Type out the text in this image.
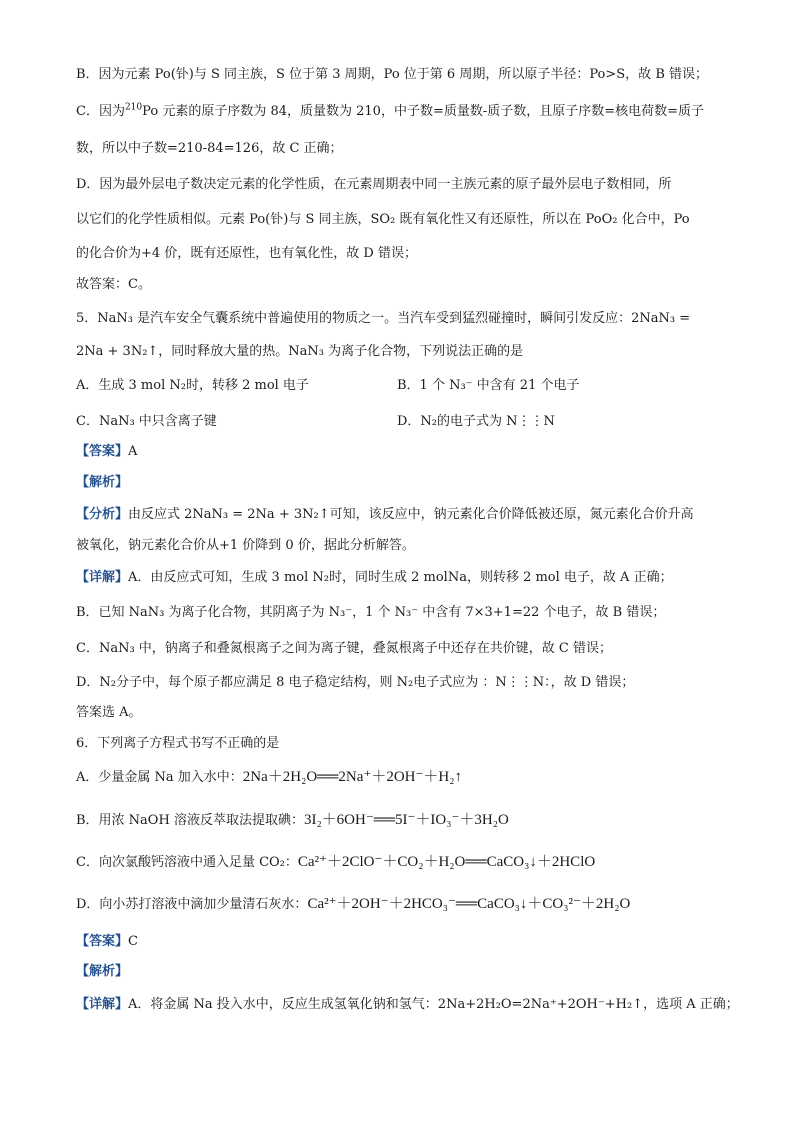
B．因为元素 Po(钋)与 S 同主族，S 位于第 3 周期，Po 位于第 6 周期，所以原子半径：Po>S，故 B 错误；
C．因为$^{210}$Po 元素的原子序数为 84，质量数为 210，中子数=质量数-质子数，且原子序数=核电荷数=质子
数，所以中子数=210-84=126，故 C 正确；
D．因为最外层电子数决定元素的化学性质，在元素周期表中同一主族元素的原子最外层电子数相同，所
以它们的化学性质相似。元素 Po(钋)与 S 同主族，SO₂ 既有氧化性又有还原性，所以在 PoO₂ 化合中，Po
的化合价为+4 价，既有还原性，也有氧化性，故 D 错误；
故答案：C。
5．NaN₃ 是汽车安全气囊系统中普遍使用的物质之一。当汽车受到猛烈碰撞时，瞬间引发反应：2NaN₃ =
2Na + 3N₂↑，同时释放大量的热。NaN₃ 为离子化合物，下列说法正确的是
A．生成 3 mol N₂时，转移 2 mol 电子	B．1 个 N₃⁻ 中含有 21 个电子
C．NaN₃ 中只含离子键	D．N₂的电子式为 N⋮⋮N
【答案】A
【解析】
【分析】由反应式 2NaN₃ = 2Na + 3N₂↑可知，该反应中，钠元素化合价降低被还原，氮元素化合价升高
被氧化，钠元素化合价从+1 价降到 0 价，据此分析解答。
【详解】A．由反应式可知，生成 3 mol N₂时，同时生成 2 molNa，则转移 2 mol 电子，故 A 正确；
B．已知 NaN₃ 为离子化合物，其阴离子为 N₃⁻，1 个 N₃⁻ 中含有 7×3+1=22 个电子，故 B 错误；
C．NaN₃ 中，钠离子和叠氮根离子之间为离子键，叠氮根离子中还存在共价键，故 C 错误；
D．N₂分子中，每个原子都应满足 8 电子稳定结构，则 N₂电子式应为 ：N⋮⋮N：，故 D 错误；
答案选 A。
6．下列离子方程式书写不正确的是
A．少量金属 Na 加入水中：2Na＋2H₂O══2Na⁺＋2OH⁻＋H₂↑
B．用浓 NaOH 溶液反萃取法提取碘：3I₂＋6OH⁻══5I⁻＋IO₃⁻＋3H₂O
C．向次氯酸钙溶液中通入足量 CO₂：Ca²⁺＋2ClO⁻＋CO₂＋H₂O══CaCO₃↓＋2HClO
D．向小苏打溶液中滴加少量清石灰水：Ca²⁺＋2OH⁻＋2HCO₃⁻══CaCO₃↓＋CO₃²⁻＋2H₂O
【答案】C
【解析】
【详解】A．将金属 Na 投入水中，反应生成氢氧化钠和氢气：2Na+2H₂O=2Na⁺+2OH⁻+H₂↑，选项 A 正确；
